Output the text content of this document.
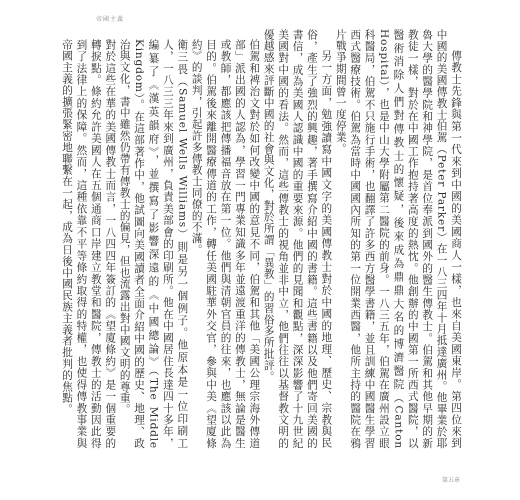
帝國主義

傳教士先鋒與第一代來到中國的美國商人一樣，也來自美國東岸。第四位來到中國的美國傳教士伯駕（Peter Parker）在一八三四年十月抵達廣州。他畢業於耶魯大學的醫學院和神學院，是首位奉派到國外的醫生傳教士。伯駕和其他早期的新教徒一樣，對於在中國工作抱持著高度的熱忱。他創辦的中國第一所西式醫院，以醫術消除人們對傳教士的懷疑，後來成為鼎鼎大名的博濟醫院（Canton Hospital），也是中山大學附屬第二醫院的前身。一八三五年，伯駕在廣州設立眼科醫局，伯駕不只施行手術，也翻譯了許多西方醫學書籍，並且訓練中國醫生學習西式醫療技術。伯駕為當時中國國內所知的第一位開業西醫，他所主持的醫院在鴉片戰爭期間曾一度停業。

另一方面，勉強讀寫中國文字的美國傳教士對於中國的地理、歷史、宗教與民俗，產生了強烈的興趣，著手撰寫介紹中國的書籍。這些書籍以及他們寄回美國的書信，成為美國人認識中國的重要來源。他們的見聞和觀點，深深影響了十九世紀美國對中國的看法。然而，這些傳教士的視角並非中立，他們往往以基督教文明的優越感來評斷中國的社會與文化，對於所謂「異教」的習俗多所批評。

伯駕和裨治文對於如何改變中國的意見不同，伯駕和其他「美國公理宗海外傳道部」派出國的人認為，學習一門專業知識多年並遠渡重洋的傳教士，無論是醫生或教師，都應該把傳播福音放在第一位。他們與清朝官員的往來，也應該以此為目的。伯駕後來離開醫療傳道的工作，轉任美國駐華外交官，參與中美《望廈條約》的談判，引起許多傳教士同僚的不滿。

衛三畏（Samuel Wells Williams）則是另一個例子。他原本是一位印刷工人，一八三三年來到廣州，負責美部會的印刷所。他在中國居住長達四十多年，編纂了《漢英韻府》，並撰寫了影響深遠的《中國總論》（The Middle Kingdom）。在這部著作中，他試圖向美國讀者全面介紹中國的歷史、地理、政治與文化，書中雖然仍帶有傳教士的偏見，但也流露出對中國文明的尊重。

對於這些在華的美國傳教士而言，一八四四年簽訂的《望廈條約》是一個重要的轉捩點。條約允許美國人在五個通商口岸建立教堂和醫院，傳教士的活動因此得到了法律上的保障。然而，這種依靠不平等條約取得的特權，也使得傳教事業與帝國主義的擴張緊密地聯繫在一起，成為日後中國民族主義者批判的焦點。

第五章
